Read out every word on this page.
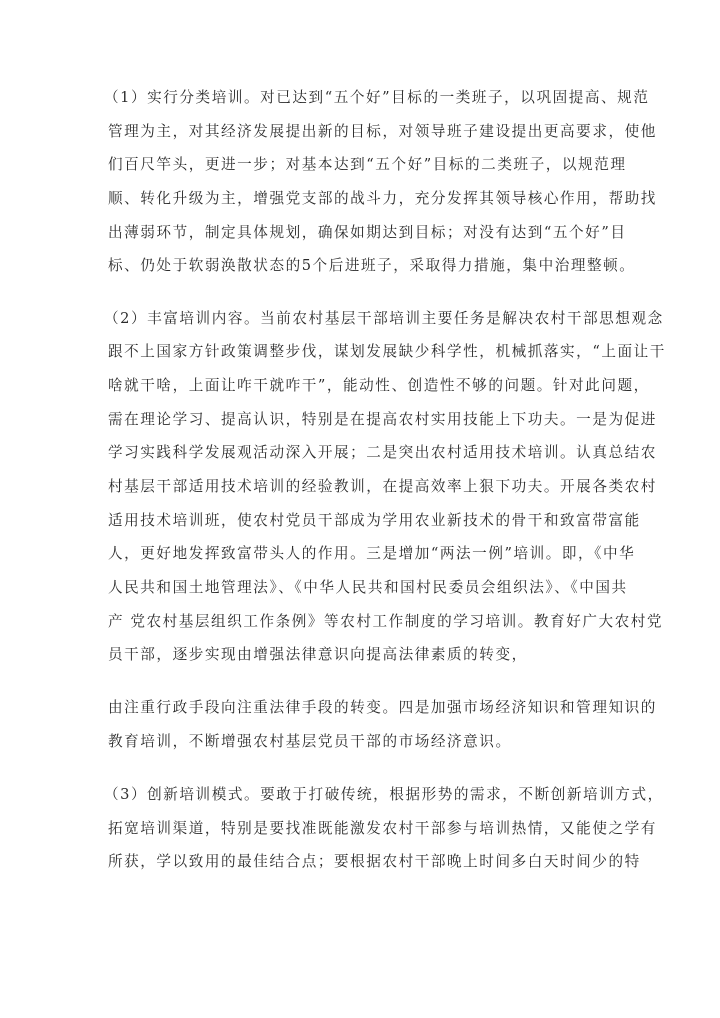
（1）实行分类培训。对已达到“五个好”目标的一类班子，以巩固提高、规范
管理为主，对其经济发展提出新的目标，对领导班子建设提出更高要求，使他
们百尺竿头，更进一步；对基本达到“五个好”目标的二类班子，以规范理
顺、转化升级为主，增强党支部的战斗力，充分发挥其领导核心作用，帮助找
出薄弱环节，制定具体规划，确保如期达到目标；对没有达到“五个好”目
标、仍处于软弱涣散状态的5个后进班子，采取得力措施，集中治理整顿。
（2）丰富培训内容。当前农村基层干部培训主要任务是解决农村干部思想观念
跟不上国家方针政策调整步伐，谋划发展缺少科学性，机械抓落实，“上面让干
啥就干啥，上面让咋干就咋干”，能动性、创造性不够的问题。针对此问题，
需在理论学习、提高认识，特别是在提高农村实用技能上下功夫。一是为促进
学习实践科学发展观活动深入开展；二是突出农村适用技术培训。认真总结农
村基层干部适用技术培训的经验教训，在提高效率上狠下功夫。开展各类农村
适用技术培训班，使农村党员干部成为学用农业新技术的骨干和致富带富能
人，更好地发挥致富带头人的作用。三是增加“两法一例”培训。即，《中华
人民共和国土地管理法》、《中华人民共和国村民委员会组织法》、《中国共
产 党农村基层组织工作条例》等农村工作制度的学习培训。教育好广大农村党
员干部，逐步实现由增强法律意识向提高法律素质的转变，
由注重行政手段向注重法律手段的转变。四是加强市场经济知识和管理知识的
教育培训，不断增强农村基层党员干部的市场经济意识。
（3）创新培训模式。要敢于打破传统，根据形势的需求，不断创新培训方式，
拓宽培训渠道，特别是要找准既能激发农村干部参与培训热情，又能使之学有
所获，学以致用的最佳结合点；要根据农村干部晚上时间多白天时间少的特
